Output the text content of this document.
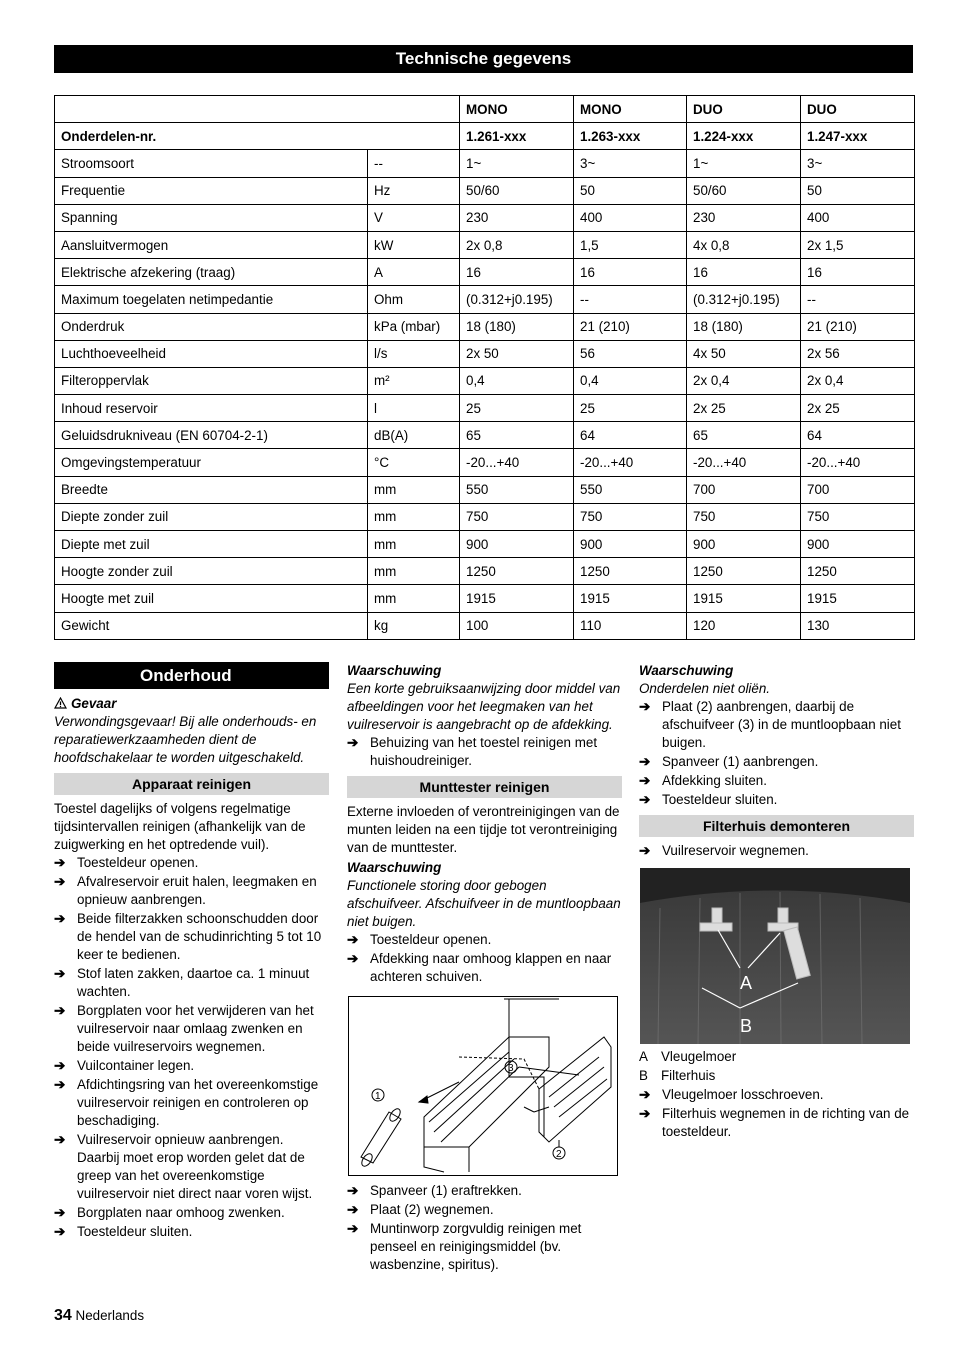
Technische gegevens
		MONO	MONO	DUO	DUO
Onderdelen-nr.		1.261-xxx	1.263-xxx	1.224-xxx	1.247-xxx
Stroomsoort	--	1~	3~	1~	3~
Frequentie	Hz	50/60	50	50/60	50
Spanning	V	230	400	230	400
Aansluitvermogen	kW	2x 0,8	1,5	4x 0,8	2x 1,5
Elektrische afzekering (traag)	A	16	16	16	16
Maximum toegelaten netimpedantie	Ohm	(0.312+j0.195)	--	(0.312+j0.195)	--
Onderdruk	kPa (mbar)	18 (180)	21 (210)	18 (180)	21 (210)
Luchthoeveelheid	l/s	2x 50	56	4x 50	2x 56
Filteroppervlak	m²	0,4	0,4	2x 0,4	2x 0,4
Inhoud reservoir	l	25	25	2x 25	2x 25
Geluidsdrukniveau (EN 60704-2-1)	dB(A)	65	64	65	64
Omgevingstemperatuur	°C	-20...+40	-20...+40	-20...+40	-20...+40
Breedte	mm	550	550	700	700
Diepte zonder zuil	mm	750	750	750	750
Diepte met zuil	mm	900	900	900	900
Hoogte zonder zuil	mm	1250	1250	1250	1250
Hoogte met zuil	mm	1915	1915	1915	1915
Gewicht	kg	100	110	120	130
Onderhoud
Gevaar
Verwondingsgevaar! Bij alle onderhouds- en reparatiewerkzaamheden dient de hoofdschakelaar te worden uitgeschakeld.
Apparaat reinigen

Toestel dagelijks of volgens regelmatige tijdsintervallen reinigen (afhankelijk van de zuigwerking en het optredende vuil).

➔ Toesteldeur openen.
➔ Afvalreservoir eruit halen, leegmaken en opnieuw aanbrengen.
➔ Beide filterzakken schoonschudden door de hendel van de schudinrichting 5 tot 10 keer te bedienen.
➔ Stof laten zakken, daartoe ca. 1 minuut wachten.
➔ Borgplaten voor het verwijderen van het vuilreservoir naar omlaag zwenken en beide vuilreservoirs wegnemen.
➔ Vuilcontainer legen.
➔ Afdichtingsring van het overeenkomstige vuilreservoir reinigen en controleren op beschadiging.
➔ Vuilreservoir opnieuw aanbrengen. Daarbij moet erop worden gelet dat de greep van het overeenkomstige vuilreservoir niet direct naar voren wijst.
➔ Borgplaten naar omhoog zwenken.
➔ Toesteldeur sluiten.
Waarschuwing
Een korte gebruiksaanwijzing door middel van afbeeldingen voor het leegmaken van het vuilreservoir is aangebracht op de afdekking.
➔ Behuizing van het toestel reinigen met huishoudreiniger.
Munttester reinigen

Externe invloeden of verontreinigingen van de munten leiden na een tijdje tot verontreiniging van de munttester.

Waarschuwing
Functionele storing door gebogen afschuifveer. Afschuifveer in de muntloopbaan niet buigen.
➔ Toesteldeur openen.
➔ Afdekking naar omhoog klappen en naar achteren schuiven.
1
2
3
➔ Spanveer (1) eraftrekken.
➔ Plaat (2) wegnemen.
➔ Muntinworp zorgvuldig reinigen met penseel en reinigingsmiddel (bv. wasbenzine, spiritus).
Waarschuwing
Onderdelen niet oliën.
➔ Plaat (2) aanbrengen, daarbij de afschuifveer (3) in de muntloopbaan niet buigen.
➔ Spanveer (1) aanbrengen.
➔ Afdekking sluiten.
➔ Toesteldeur sluiten.
Filterhuis demonteren
➔ Vuilreservoir wegnemen.
A
B
A Vleugelmoer
B Filterhuis
➔ Vleugelmoer losschroeven.
➔ Filterhuis wegnemen in de richting van de toesteldeur.
34 Nederlands
